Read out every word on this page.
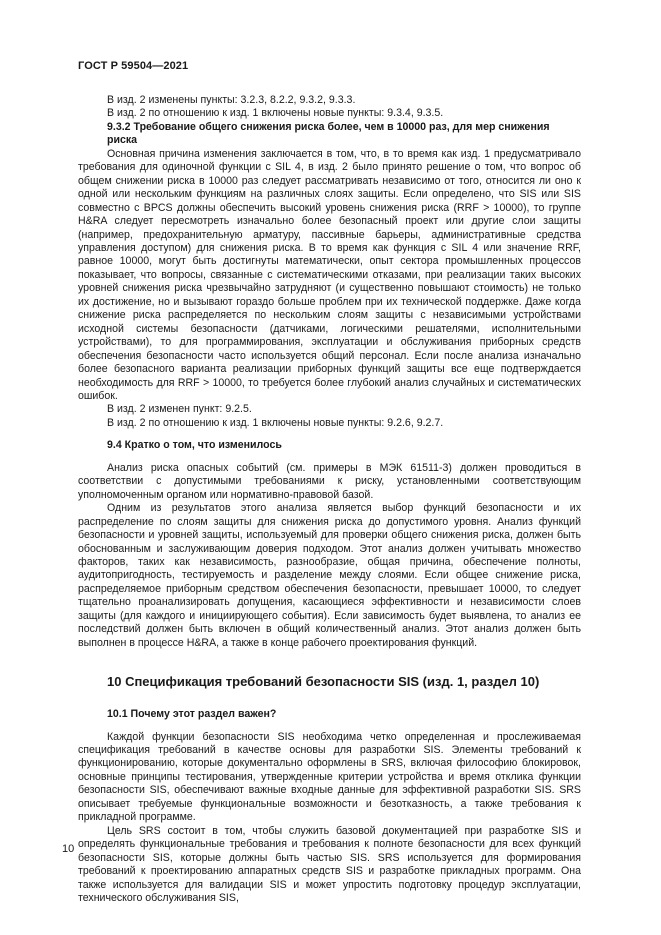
ГОСТ Р 59504—2021

В изд. 2 изменены пункты: 3.2.3, 8.2.2, 9.3.2, 9.3.3.

В изд. 2 по отношению к изд. 1 включены новые пункты: 9.3.4, 9.3.5.

9.3.2 Требование общего снижения риска более, чем в 10000 раз, для мер снижения риска

Основная причина изменения заключается в том, что, в то время как изд. 1 предусматривало требования для одиночной функции с SIL 4, в изд. 2 было принято решение о том, что вопрос об общем снижении риска в 10000 раз следует рассматривать независимо от того, относится ли оно к одной или нескольким функциям на различных слоях защиты. Если определено, что SIS или SIS совместно с BPCS должны обеспечить высокий уровень снижения риска (RRF > 10000), то группе H&RA следует пересмотреть изначально более безопасный проект или другие слои защиты (например, предохранительную арматуру, пассивные барьеры, административные средства управления доступом) для снижения риска. В то время как функция с SIL 4 или значение RRF, равное 10000, могут быть достигнуты математически, опыт сектора промышленных процессов показывает, что вопросы, связанные с систематическими отказами, при реализации таких высоких уровней снижения риска чрезвычайно затрудняют (и существенно повышают стоимость) не только их достижение, но и вызывают гораздо больше проблем при их технической поддержке. Даже когда снижение риска распределяется по нескольким слоям защиты с независимыми устройствами исходной системы безопасности (датчиками, логическими решателями, исполнительными устройствами), то для программирования, эксплуатации и обслуживания приборных средств обеспечения безопасности часто используется общий персонал. Если после анализа изначально более безопасного варианта реализации приборных функций защиты все еще подтверждается необходимость для RRF > 10000, то требуется более глубокий анализ случайных и систематических ошибок.

В изд. 2 изменен пункт: 9.2.5.

В изд. 2 по отношению к изд. 1 включены новые пункты: 9.2.6, 9.2.7.

9.4 Кратко о том, что изменилось

Анализ риска опасных событий (см. примеры в МЭК 61511-3) должен проводиться в соответствии с допустимыми требованиями к риску, установленными соответствующим уполномоченным органом или нормативно-правовой базой.

Одним из результатов этого анализа является выбор функций безопасности и их распределение по слоям защиты для снижения риска до допустимого уровня. Анализ функций безопасности и уровней защиты, используемый для проверки общего снижения риска, должен быть обоснованным и заслуживающим доверия подходом. Этот анализ должен учитывать множество факторов, таких как независимость, разнообразие, общая причина, обеспечение полноты, аудитопригодность, тестируемость и разделение между слоями. Если общее снижение риска, распределяемое приборным средством обеспечения безопасности, превышает 10000, то следует тщательно проанализировать допущения, касающиеся эффективности и независимости слоев защиты (для каждого и инициирующего события). Если зависимость будет выявлена, то анализ ее последствий должен быть включен в общий количественный анализ. Этот анализ должен быть выполнен в процессе H&RA, а также в конце рабочего проектирования функций.

10 Спецификация требований безопасности SIS (изд. 1, раздел 10)

10.1 Почему этот раздел важен?

Каждой функции безопасности SIS необходима четко определенная и прослеживаемая спецификация требований в качестве основы для разработки SIS. Элементы требований к функционированию, которые документально оформлены в SRS, включая философию блокировок, основные принципы тестирования, утвержденные критерии устройства и время отклика функции безопасности SIS, обеспечивают важные входные данные для эффективной разработки SIS. SRS описывает требуемые функциональные возможности и безотказность, а также требования к прикладной программе.

Цель SRS состоит в том, чтобы служить базовой документацией при разработке SIS и определять функциональные требования и требования к полноте безопасности для всех функций безопасности SIS, которые должны быть частью SIS. SRS используется для формирования требований к проектированию аппаратных средств SIS и разработке прикладных программ. Она также используется для валидации SIS и может упростить подготовку процедур эксплуатации, технического обслуживания SIS,

10
